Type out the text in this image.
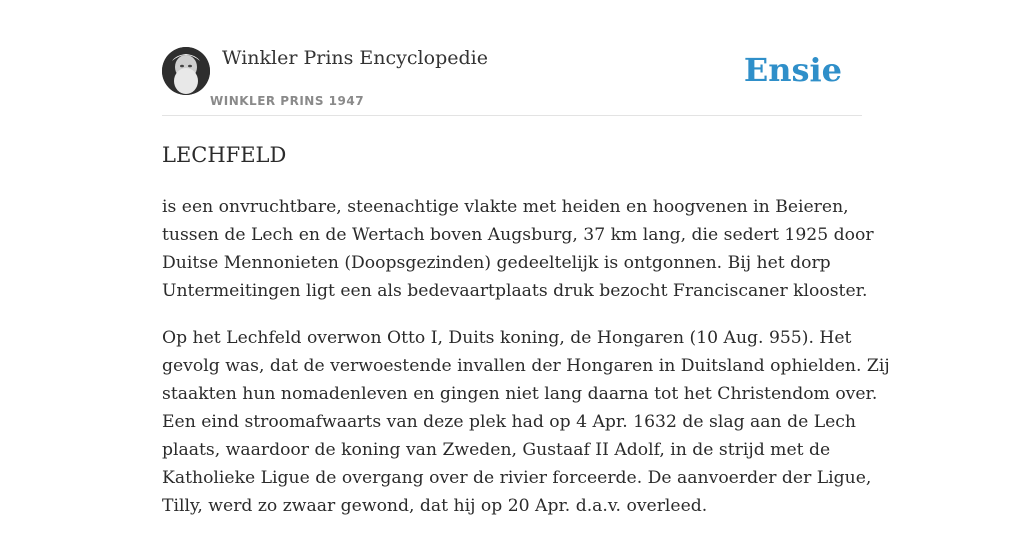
Winkler Prins Encyclopedie
WINKLER PRINS 1947
Ensie
LECHFELD

is een onvruchtbare, steenachtige vlakte met heiden en hoogvenen in Beieren,
tussen de Lech en de Wertach boven Augsburg, 37 km lang, die sedert 1925 door
Duitse Mennonieten (Doopsgezinden) gedeeltelijk is ontgonnen. Bij het dorp
Untermeitingen ligt een als bedevaartplaats druk bezocht Franciscaner klooster.

Op het Lechfeld overwon Otto I, Duits koning, de Hongaren (10 Aug. 955). Het
gevolg was, dat de verwoestende invallen der Hongaren in Duitsland ophielden. Zij
staakten hun nomadenleven en gingen niet lang daarna tot het Christendom over.
Een eind stroomafwaarts van deze plek had op 4 Apr. 1632 de slag aan de Lech
plaats, waardoor de koning van Zweden, Gustaaf II Adolf, in de strijd met de
Katholieke Ligue de overgang over de rivier forceerde. De aanvoerder der Ligue,
Tilly, werd zo zwaar gewond, dat hij op 20 Apr. d.a.v. overleed.
